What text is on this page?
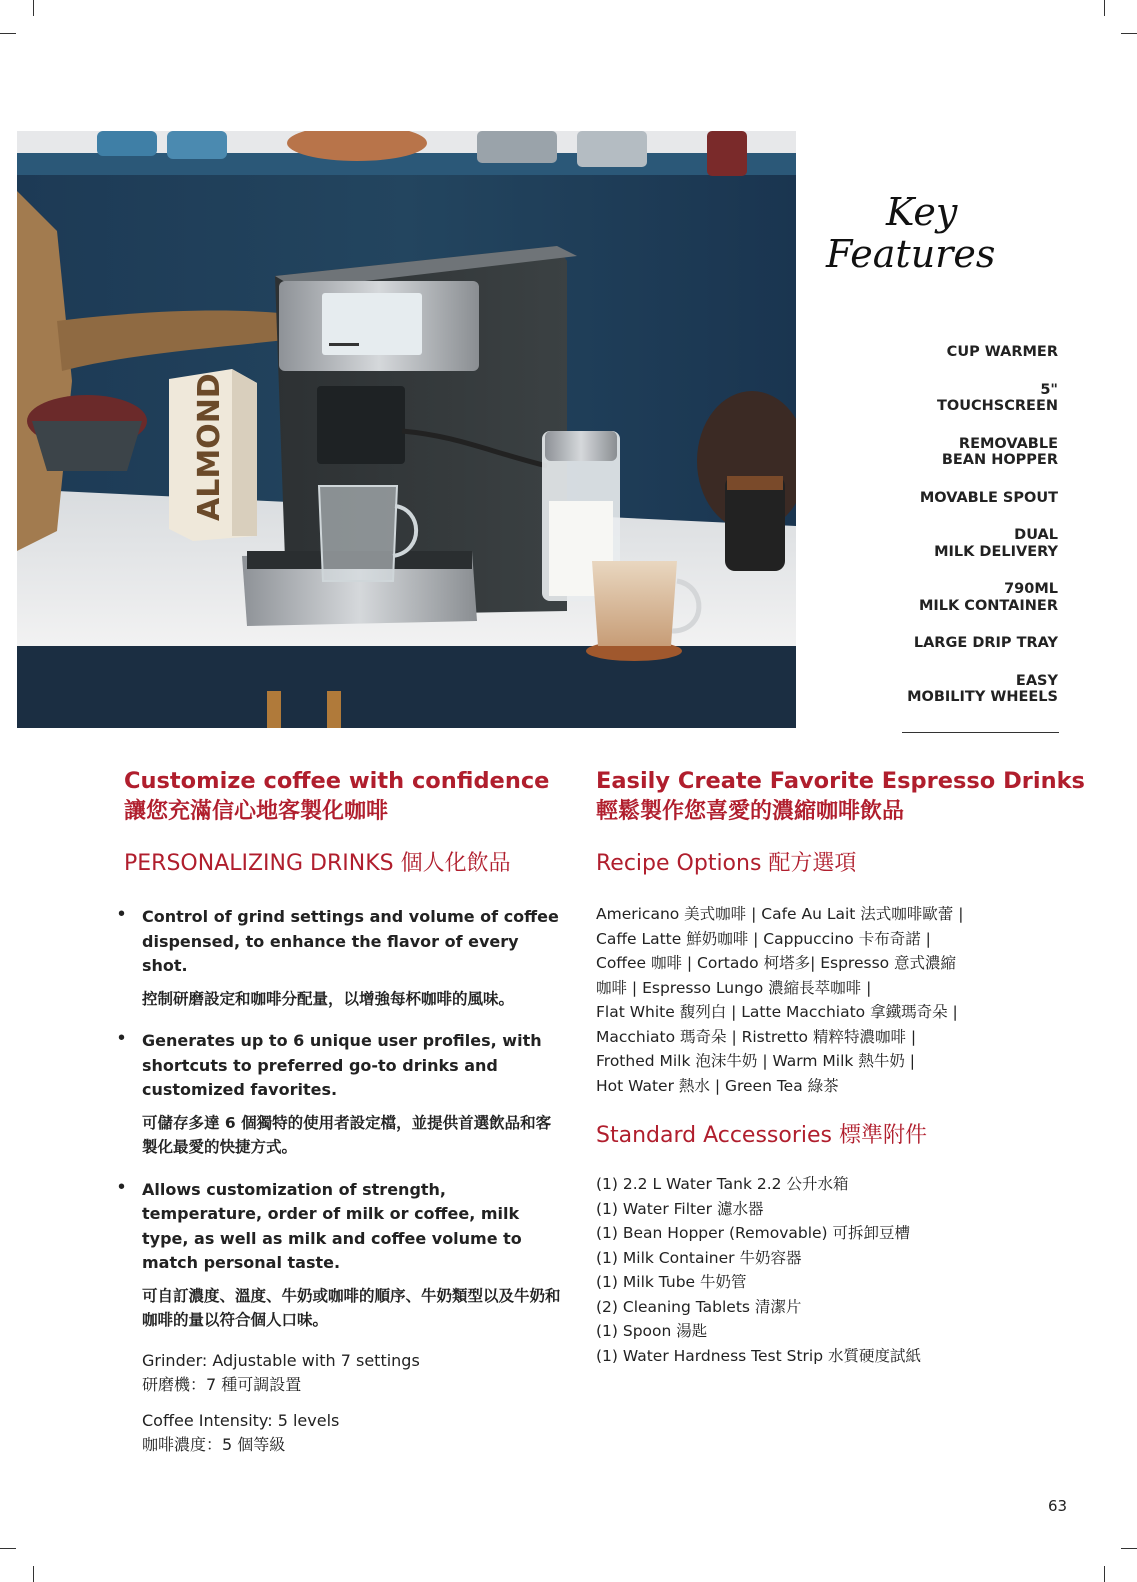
ALMOND
Key
Features
CUP WARMER
5"
TOUCHSCREEN
REMOVABLE
BEAN HOPPER
MOVABLE SPOUT
DUAL
MILK DELIVERY
790ML
MILK CONTAINER
LARGE DRIP TRAY
EASY
MOBILITY WHEELS
Customize coffee with confidence
讓您充滿信心地客製化咖啡

PERSONALIZING DRINKS 個人化飲品

• Control of grind settings and volume of coffee dispensed, to enhance the flavor of every shot.
控制研磨設定和咖啡分配量，以增強每杯咖啡的風味。
• Generates up to 6 unique user profiles, with shortcuts to preferred go-to drinks and customized favorites.
可儲存多達 6 個獨特的使用者設定檔，並提供首選飲品和客製化最愛的快捷方式。
• Allows customization of strength, temperature, order of milk or coffee, milk type, as well as milk and coffee volume to match personal taste.
可自訂濃度、溫度、牛奶或咖啡的順序、牛奶類型以及牛奶和咖啡的量以符合個人口味。
Grinder: Adjustable with 7 settings
研磨機：7 種可調設置
Coffee Intensity: 5 levels
咖啡濃度：5 個等級
Easily Create Favorite Espresso Drinks
輕鬆製作您喜愛的濃縮咖啡飲品

Recipe Options 配方選項

Americano 美式咖啡 | Cafe Au Lait 法式咖啡歐蕾 |
Caffe Latte 鮮奶咖啡 | Cappuccino 卡布奇諾 |
Coffee 咖啡 | Cortado 柯塔多| Espresso 意式濃縮
咖啡 | Espresso Lungo 濃縮長萃咖啡 |
Flat White 馥列白 | Latte Macchiato 拿鐵瑪奇朵 |
Macchiato 瑪奇朵 | Ristretto 精粹特濃咖啡 |
Frothed Milk 泡沫牛奶 | Warm Milk 熱牛奶 |
Hot Water 熱水 | Green Tea 綠茶

Standard Accessories 標準附件

(1) 2.2 L Water Tank 2.2 公升水箱
(1) Water Filter 濾水器
(1) Bean Hopper (Removable) 可拆卸豆槽
(1) Milk Container 牛奶容器
(1) Milk Tube 牛奶管
(2) Cleaning Tablets 清潔片
(1) Spoon 湯匙
(1) Water Hardness Test Strip 水質硬度試紙
63
